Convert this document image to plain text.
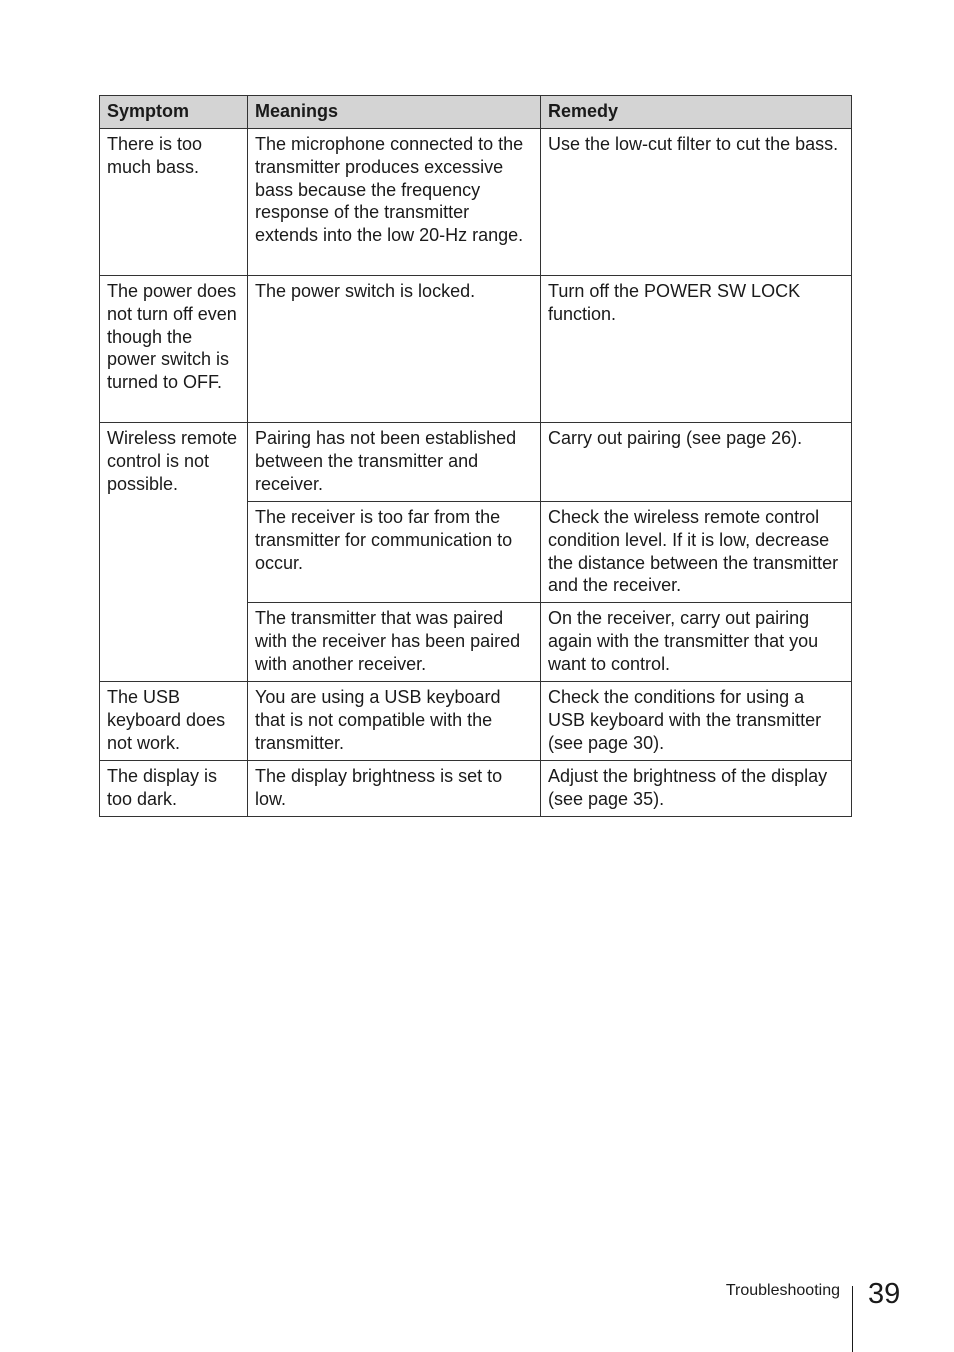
Symptom	Meanings	Remedy
There is too much bass.	The microphone connected to the transmitter produces excessive bass because the frequency response of the transmitter extends into the low 20-Hz range.	Use the low-cut filter to cut the bass.
The power does not turn off even though the power switch is turned to OFF.	The power switch is locked.	Turn off the POWER SW LOCK function.
Wireless remote control is not possible.	Pairing has not been established between the transmitter and receiver.	Carry out pairing (see page 26).
	The receiver is too far from the transmitter for communication to occur.	Check the wireless remote control condition level. If it is low, decrease the distance between the transmitter and the receiver.
	The transmitter that was paired with the receiver has been paired with another receiver.	On the receiver, carry out pairing again with the transmitter that you want to control.
The USB keyboard does not work.	You are using a USB keyboard that is not compatible with the transmitter.	Check the conditions for using a USB keyboard with the transmitter (see page 30).
The display is too dark.	The display brightness is set to low.	Adjust the brightness of the display (see page 35).
Troubleshooting 39
